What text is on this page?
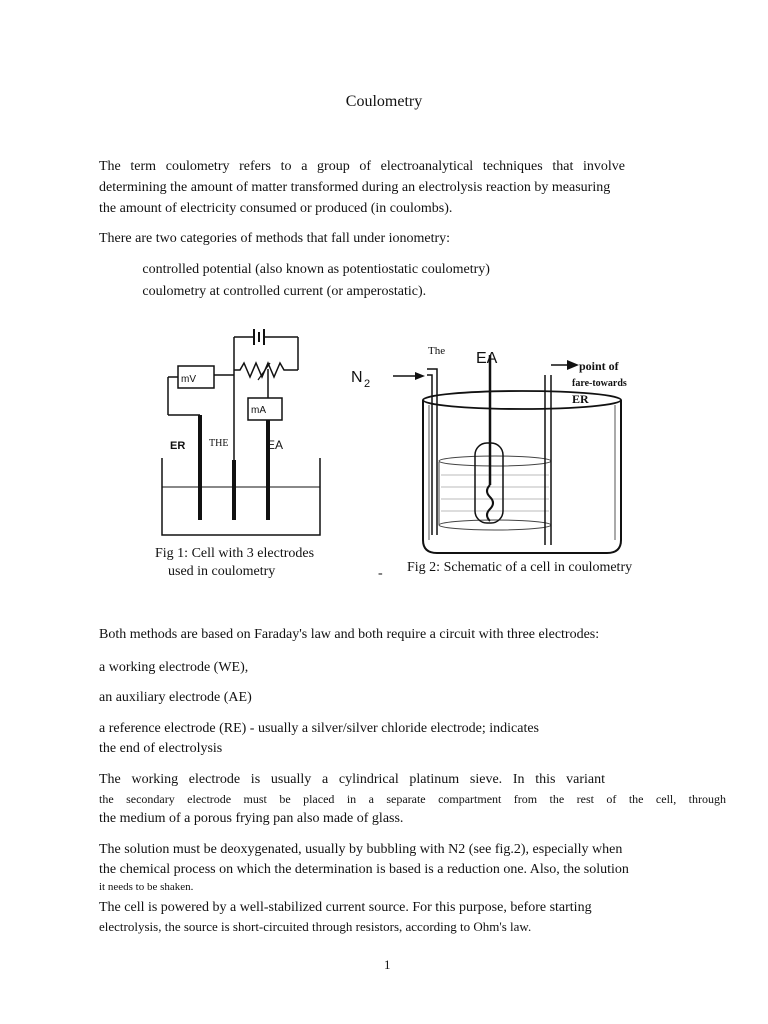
Coulometry
The term coulometry refers to a group of electroanalytical techniques that involve
determining the amount of matter transformed during an electrolysis reaction by measuring
the amount of electricity consumed or produced (in coulombs).
There are two categories of methods that fall under ionometry:
controlled potential (also known as potentiostatic coulometry)
coulometry at controlled current (or amperostatic).
mV
mA
ER THE	EA
Fig 1: Cell with 3 electrodes
used in coulometry
The EA
N 2
point of
fare-towards
ER
- Fig 2: Schematic of a cell in coulometry
Both methods are based on Faraday's law and both require a circuit with three electrodes:
a working electrode (WE),
an auxiliary electrode (AE)
a reference electrode (RE) - usually a silver/silver chloride electrode; indicates
the end of electrolysis
The working electrode is usually a cylindrical platinum sieve. In this variant
the secondary electrode must be placed in a separate compartment from the rest of the cell, through
the medium of a porous frying pan also made of glass.
The solution must be deoxygenated, usually by bubbling with N2 (see fig.2), especially when
the chemical process on which the determination is based is a reduction one. Also, the solution
it needs to be shaken.
The cell is powered by a well-stabilized current source. For this purpose, before starting
electrolysis, the source is short-circuited through resistors, according to Ohm's law.
1
